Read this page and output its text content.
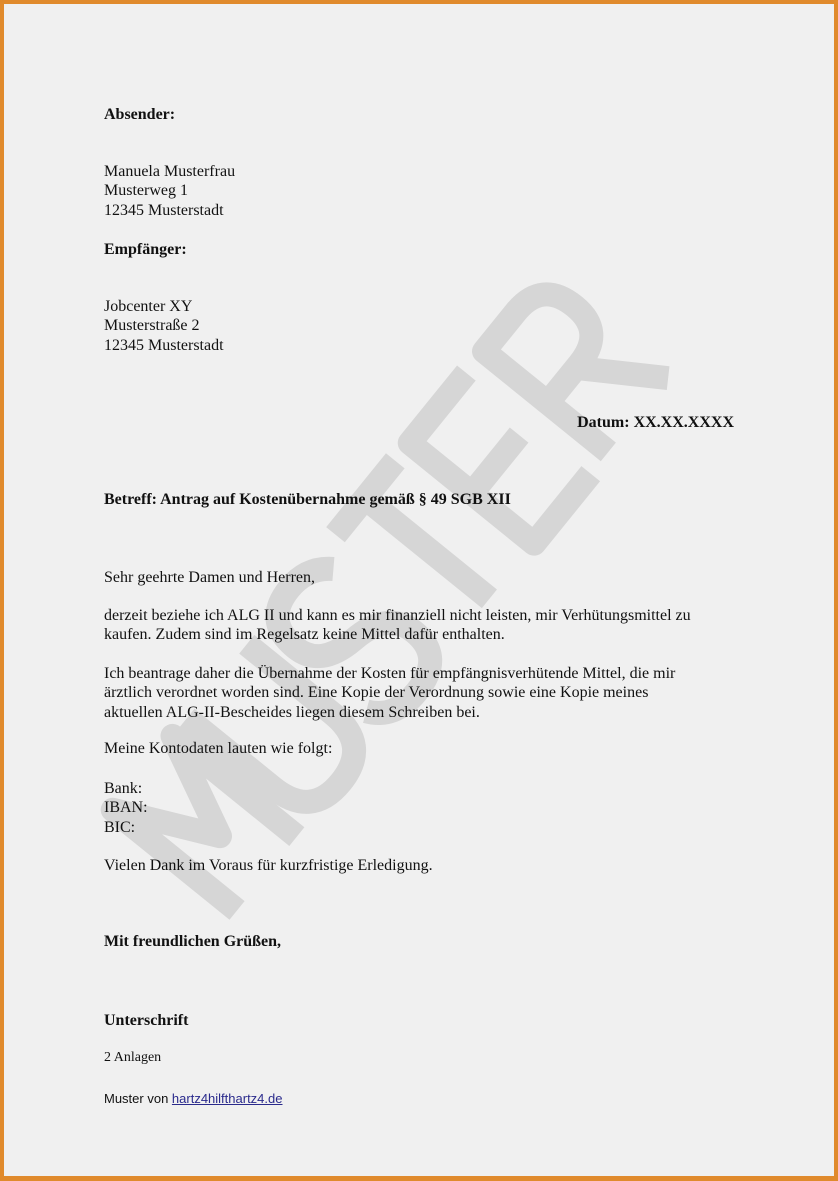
Absender:
Manuela Musterfrau
Musterweg 1
12345 Musterstadt
Empfänger:
Jobcenter XY
Musterstraße 2
12345 Musterstadt
Datum: XX.XX.XXXX
Betreff: Antrag auf Kostenübernahme gemäß § 49 SGB XII
Sehr geehrte Damen und Herren,
derzeit beziehe ich ALG II und kann es mir finanziell nicht leisten, mir Verhütungsmittel zu
kaufen. Zudem sind im Regelsatz keine Mittel dafür enthalten.
Ich beantrage daher die Übernahme der Kosten für empfängnisverhütende Mittel, die mir
ärztlich verordnet worden sind. Eine Kopie der Verordnung sowie eine Kopie meines
aktuellen ALG-II-Bescheides liegen diesem Schreiben bei.
Meine Kontodaten lauten wie folgt:
Bank:
IBAN:
BIC:
Vielen Dank im Voraus für kurzfristige Erledigung.
Mit freundlichen Grüßen,
Unterschrift
2 Anlagen
Muster von hartz4hilfthartz4.de
